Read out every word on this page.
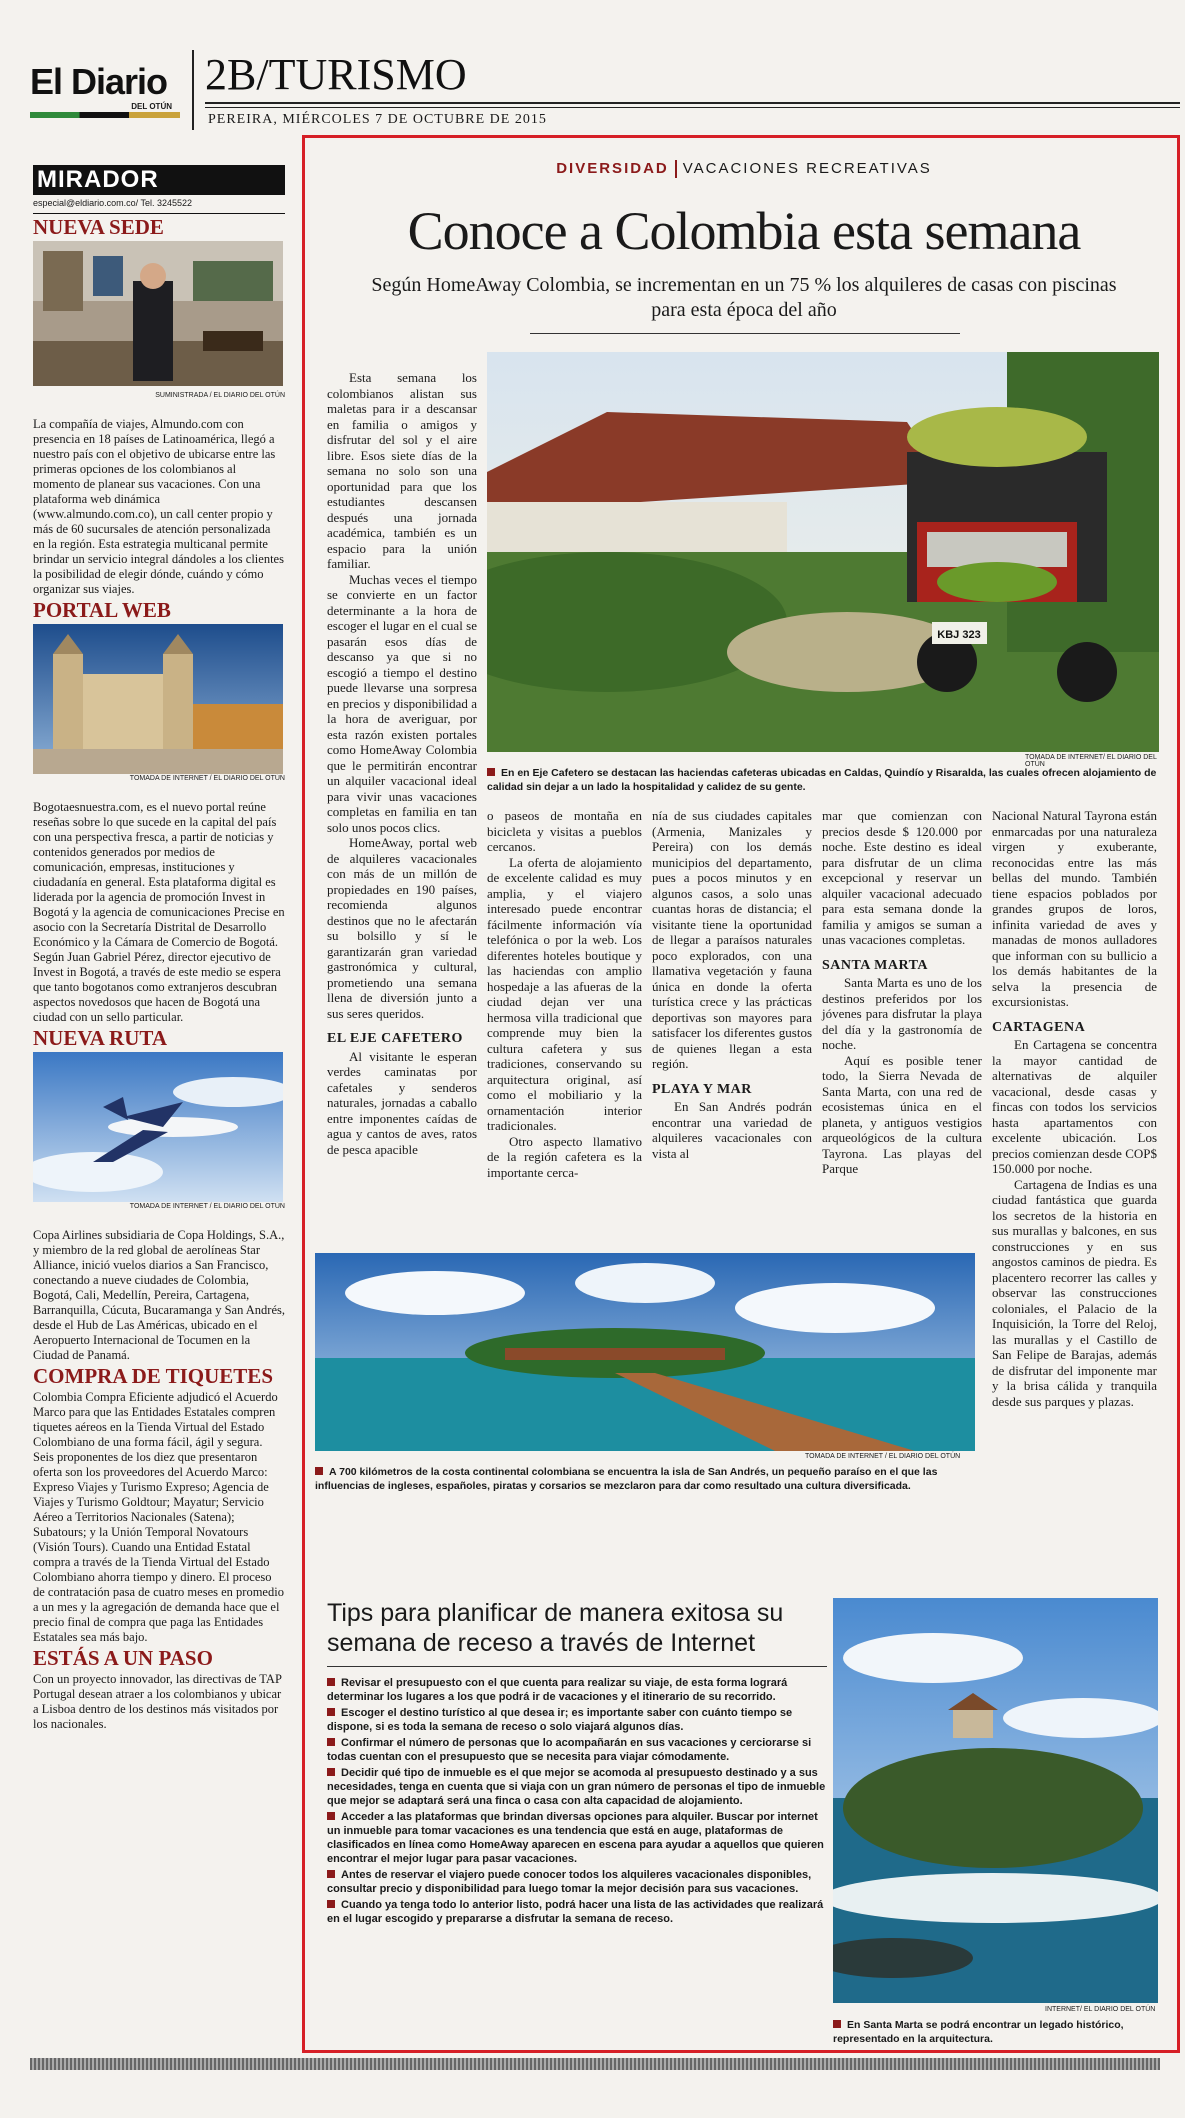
El Diario
DEL OTÚN
2B/TURISMO
PEREIRA, MIÉRCOLES 7 DE OCTUBRE DE 2015
MIRADOR
especial@eldiario.com.co/ Tel. 3245522
NUEVA SEDE
SUMINISTRADA / EL DIARIO DEL OTÚN
La compañía de viajes, Almundo.com con presencia en 18 países de Latinoamérica, llegó a nuestro país con el objetivo de ubicarse entre las primeras opciones de los colombianos al momento de planear sus vacaciones. Con una plataforma web dinámica (www.almundo.com.co), un call center propio y más de 60 sucursales de atención personalizada en la región. Esta estrategia multicanal permite brindar un servicio integral dándoles a los clientes la posibilidad de elegir dónde, cuándo y cómo organizar sus viajes.
PORTAL WEB
TOMADA DE INTERNET / EL DIARIO DEL OTÚN
Bogotaesnuestra.com, es el nuevo portal reúne reseñas sobre lo que sucede en la capital del país con una perspectiva fresca, a partir de noticias y contenidos generados por medios de comunicación, empresas, instituciones y ciudadanía en general. Esta plataforma digital es liderada por la agencia de promoción Invest in Bogotá y la agencia de comunicaciones Precise en asocio con la Secretaría Distrital de Desarrollo Económico y la Cámara de Comercio de Bogotá. Según Juan Gabriel Pérez, director ejecutivo de Invest in Bogotá, a través de este medio se espera que tanto bogotanos como extranjeros descubran aspectos novedosos que hacen de Bogotá una ciudad con un sello particular.
NUEVA RUTA
TOMADA DE INTERNET / EL DIARIO DEL OTÚN
Copa Airlines subsidiaria de Copa Holdings, S.A., y miembro de la red global de aerolíneas Star Alliance, inició vuelos diarios a San Francisco, conectando a nueve ciudades de Colombia, Bogotá, Cali, Medellín, Pereira, Cartagena, Barranquilla, Cúcuta, Bucaramanga y San Andrés, desde el Hub de Las Américas, ubicado en el Aeropuerto Internacional de Tocumen en la Ciudad de Panamá.
COMPRA DE TIQUETES
Colombia Compra Eficiente adjudicó el Acuerdo Marco para que las Entidades Estatales compren tiquetes aéreos en la Tienda Virtual del Estado Colombiano de una forma fácil, ágil y segura. Seis proponentes de los diez que presentaron oferta son los proveedores del Acuerdo Marco: Expreso Viajes y Turismo Expreso; Agencia de Viajes y Turismo Goldtour; Mayatur; Servicio Aéreo a Territorios Nacionales (Satena); Subatours; y la Unión Temporal Novatours (Visión Tours). Cuando una Entidad Estatal compra a través de la Tienda Virtual del Estado Colombiano ahorra tiempo y dinero. El proceso de contratación pasa de cuatro meses en promedio a un mes y la agregación de demanda hace que el precio final de compra que paga las Entidades Estatales sea más bajo.
ESTÁS A UN PASO
Con un proyecto innovador, las directivas de TAP Portugal desean atraer a los colombianos y ubicar a Lisboa dentro de los destinos más visitados por los nacionales.
DIVERSIDAD VACACIONES RECREATIVAS
Conoce a Colombia esta semana
Según HomeAway Colombia, se incrementan en un 75 % los alquileres de casas con piscinas para esta época del año

Esta semana los colombianos alistan sus maletas para ir a descansar en familia o amigos y disfrutar del sol y el aire libre. Esos siete días de la semana no solo son una oportunidad para que los estudiantes descansen después una jornada académica, también es un espacio para la unión familiar.

Muchas veces el tiempo se convierte en un factor determinante a la hora de escoger el lugar en el cual se pasarán esos días de descanso ya que si no escogió a tiempo el destino puede llevarse una sorpresa en precios y disponibilidad a la hora de averiguar, por esta razón existen portales como HomeAway Colombia que le permitirán encontrar un alquiler vacacional ideal para vivir unas vacaciones completas en familia en tan solo unos pocos clics.

HomeAway, portal web de alquileres vacacionales con más de un millón de propiedades en 190 países, recomienda algunos destinos que no le afectarán su bolsillo y sí le garantizarán gran variedad gastronómica y cultural, prometiendo una semana llena de diversión junto a sus seres queridos.

EL EJE CAFETERO

Al visitante le esperan verdes caminatas por cafetales y senderos naturales, jornadas a caballo entre imponentes caídas de agua y cantos de aves, ratos de pesca apacible

KBJ 323
TOMADA DE INTERNET/ EL DIARIO DEL OTÚN
En en Eje Cafetero se destacan las haciendas cafeteras ubicadas en Caldas, Quindío y Risaralda, las cuales ofrecen alojamiento de calidad sin dejar a un lado la hospitalidad y calidez de su gente.

o paseos de montaña en bicicleta y visitas a pueblos cercanos.

La oferta de alojamiento de excelente calidad es muy amplia, y el viajero interesado puede encontrar fácilmente información vía telefónica o por la web. Los diferentes hoteles boutique y las haciendas con amplio hospedaje a las afueras de la ciudad dejan ver una hermosa villa tradicional que comprende muy bien la cultura cafetera y sus tradiciones, conservando su arquitectura original, así como el mobiliario y la ornamentación interior tradicionales.

Otro aspecto llamativo de la región cafetera es la importante cerca-

nía de sus ciudades capitales (Armenia, Manizales y Pereira) con los demás municipios del departamento, pues a pocos minutos y en algunos casos, a solo unas cuantas horas de distancia; el visitante tiene la oportunidad de llegar a paraísos naturales poco explorados, con una llamativa vegetación y fauna única en donde la oferta turística crece y las prácticas deportivas son mayores para satisfacer los diferentes gustos de quienes llegan a esta región.

PLAYA Y MAR

En San Andrés podrán encontrar una variedad de alquileres vacacionales con vista al

mar que comienzan con precios desde $ 120.000 por noche. Este destino es ideal para disfrutar de un clima excepcional y reservar un alquiler vacacional adecuado para esta semana donde la familia y amigos se suman a unas vacaciones completas.

SANTA MARTA

Santa Marta es uno de los destinos preferidos por los jóvenes para disfrutar la playa del día y la gastronomía de noche.

Aquí es posible tener todo, la Sierra Nevada de Santa Marta, con una red de ecosistemas única en el planeta, y antiguos vestigios arqueológicos de la cultura Tayrona. Las playas del Parque

Nacional Natural Tayrona están enmarcadas por una naturaleza virgen y exuberante, reconocidas entre las más bellas del mundo. También tiene espacios poblados por grandes grupos de loros, infinita variedad de aves y manadas de monos aulladores que informan con su bullicio a los demás habitantes de la selva la presencia de excursionistas.

CARTAGENA

En Cartagena se concentra la mayor cantidad de alternativas de alquiler vacacional, desde casas y fincas con todos los servicios hasta apartamentos con excelente ubicación. Los precios comienzan desde COP$ 150.000 por noche.

Cartagena de Indias es una ciudad fantástica que guarda los secretos de la historia en sus murallas y balcones, en sus construcciones y en sus angostos caminos de piedra. Es placentero recorrer las calles y observar las construcciones coloniales, el Palacio de la Inquisición, la Torre del Reloj, las murallas y el Castillo de San Felipe de Barajas, además de disfrutar del imponente mar y la brisa cálida y tranquila desde sus parques y plazas.

TOMADA DE INTERNET / EL DIARIO DEL OTÚN
A 700 kilómetros de la costa continental colombiana se encuentra la isla de San Andrés, un pequeño paraíso en el que las influencias de ingleses, españoles, piratas y corsarios se mezclaron para dar como resultado una cultura diversificada.
Tips para planificar de manera exitosa su semana de receso a través de Internet
Revisar el presupuesto con el que cuenta para realizar su viaje, de esta forma logrará determinar los lugares a los que podrá ir de vacaciones y el itinerario de su recorrido.
Escoger el destino turístico al que desea ir; es importante saber con cuánto tiempo se dispone, si es toda la semana de receso o solo viajará algunos días.
Confirmar el número de personas que lo acompañarán en sus vacaciones y cerciorarse si todas cuentan con el presupuesto que se necesita para viajar cómodamente.
Decidir qué tipo de inmueble es el que mejor se acomoda al presupuesto destinado y a sus necesidades, tenga en cuenta que si viaja con un gran número de personas el tipo de inmueble que mejor se adaptará será una finca o casa con alta capacidad de alojamiento.
Acceder a las plataformas que brindan diversas opciones para alquiler. Buscar por internet un inmueble para tomar vacaciones es una tendencia que está en auge, plataformas de clasificados en línea como HomeAway aparecen en escena para ayudar a aquellos que quieren encontrar el mejor lugar para pasar vacaciones.
Antes de reservar el viajero puede conocer todos los alquileres vacacionales disponibles, consultar precio y disponibilidad para luego tomar la mejor decisión para sus vacaciones.
Cuando ya tenga todo lo anterior listo, podrá hacer una lista de las actividades que realizará en el lugar escogido y prepararse a disfrutar la semana de receso.
INTERNET/ EL DIARIO DEL OTÚN
En Santa Marta se podrá encontrar un legado histórico, representado en la arquitectura.
